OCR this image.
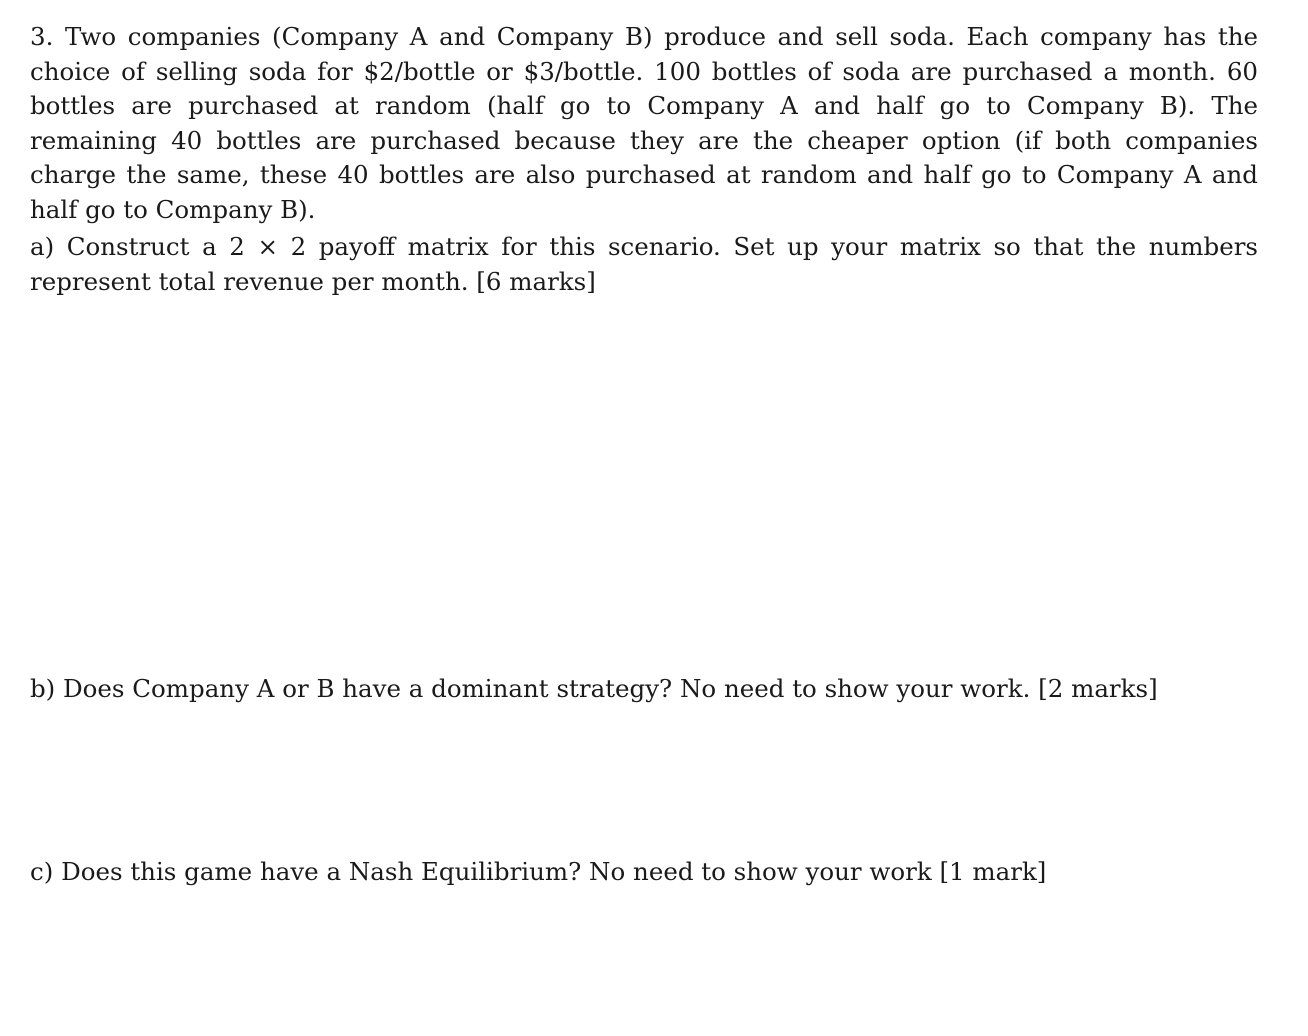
3. Two companies (Company A and Company B) produce and sell soda. Each company has the choice of selling soda for $2/bottle or $3/bottle. 100 bottles of soda are purchased a month. 60 bottles are purchased at random (half go to Company A and half go to Company B). The remaining 40 bottles are purchased because they are the cheaper option (if both companies charge the same, these 40 bottles are also purchased at random and half go to Company A and half go to Company B).

a) Construct a 2 × 2 payoff matrix for this scenario. Set up your matrix so that the numbers represent total revenue per month. [6 marks]

b) Does Company A or B have a dominant strategy? No need to show your work. [2 marks]

c) Does this game have a Nash Equilibrium? No need to show your work [1 mark]
